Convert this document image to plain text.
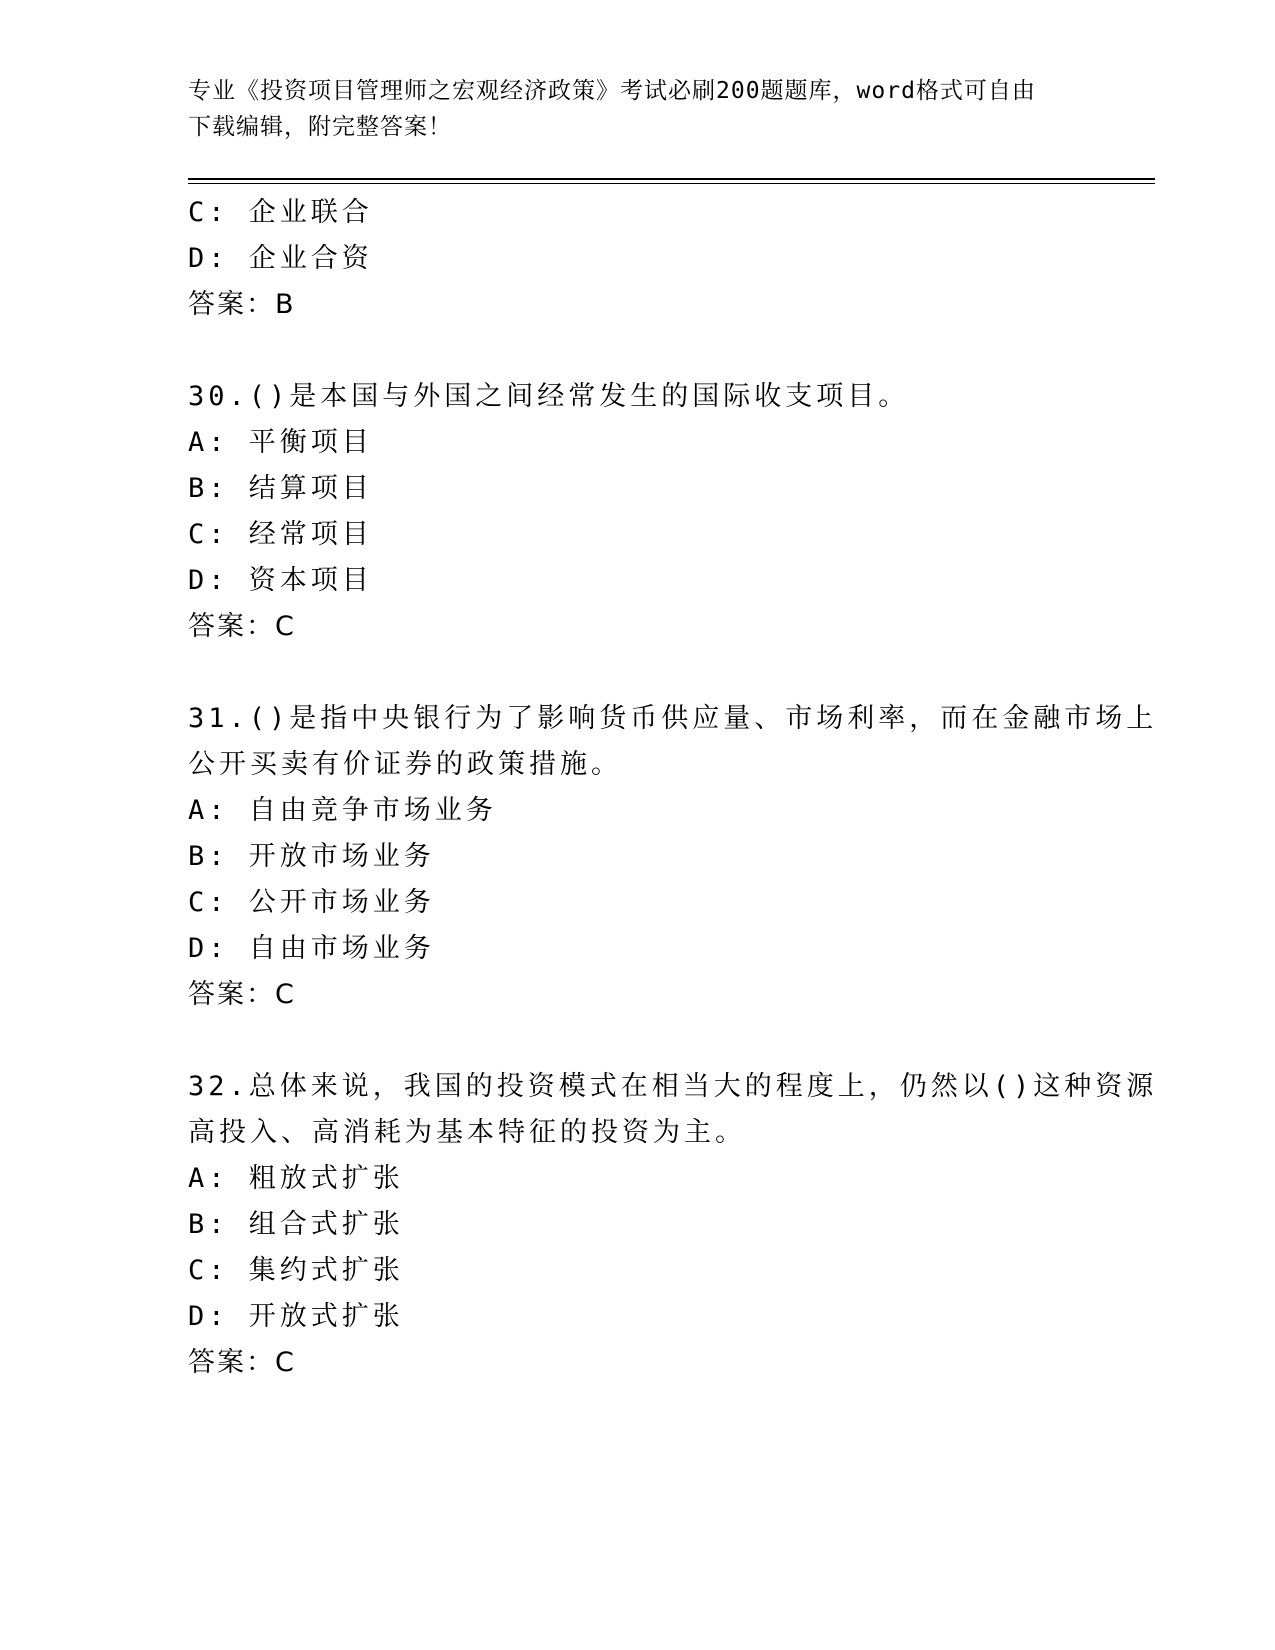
专业《投资项目管理师之宏观经济政策》考试必刷200题题库，word格式可自由
下载编辑，附完整答案！
C: 企业联合
D: 企业合资
答案：B
30.()是本国与外国之间经常发生的国际收支项目。
A: 平衡项目
B: 结算项目
C: 经常项目
D: 资本项目
答案：C
31.()是指中央银行为了影响货币供应量、市场利率，而在金融市场上
公开买卖有价证券的政策措施。
A: 自由竞争市场业务
B: 开放市场业务
C: 公开市场业务
D: 自由市场业务
答案：C
32.总体来说，我国的投资模式在相当大的程度上，仍然以()这种资源
高投入、高消耗为基本特征的投资为主。
A: 粗放式扩张
B: 组合式扩张
C: 集约式扩张
D: 开放式扩张
答案：C
